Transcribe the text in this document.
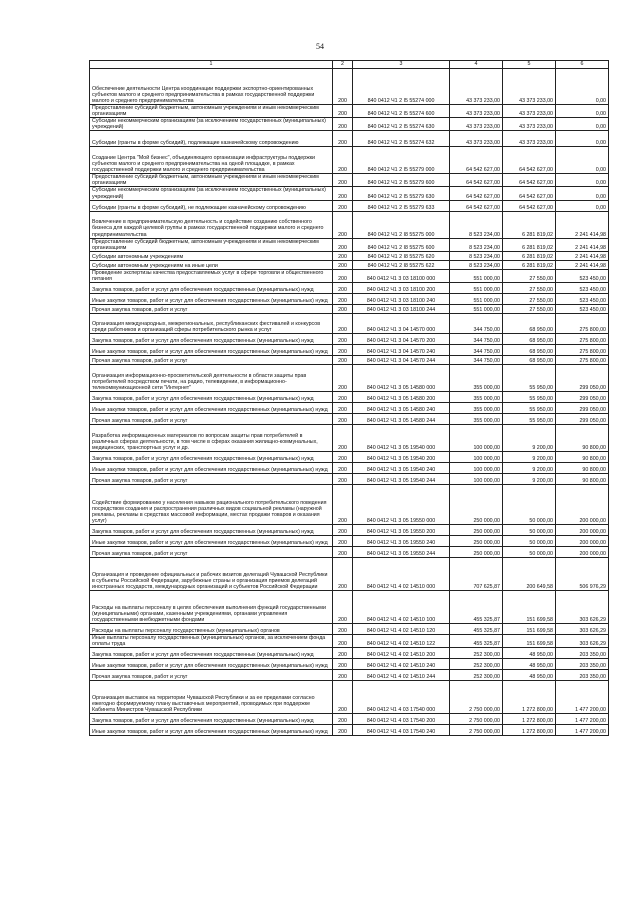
54
1	2	3	4	5	6
Обеспечение деятельности Центра координации поддержки экспортно-ориентированных субъектов малого и среднего предпринимательства в рамках государственной поддержки малого и среднего предпринимательства	200	840 0412 Ч1 2 I5 55274 000	43 373 233,00	43 373 233,00	0,00
Предоставление субсидий бюджетным, автономным учреждениям и иным некоммерческим организациям	200	840 0412 Ч1 2 I5 55274 600	43 373 233,00	43 373 233,00	0,00
Субсидии некоммерческим организациям (за исключением государственных (муниципальных) учреждений)	200	840 0412 Ч1 2 I5 55274 630	43 373 233,00	43 373 233,00	0,00
Субсидии (гранты в форме субсидий), подлежащие казначейскому сопровождению	200	840 0412 Ч1 2 I5 55274 632	43 373 233,00	43 373 233,00	0,00
Создание Центра "Мой бизнес", объединяющего организации инфраструктуры поддержки субъектов малого и среднего предпринимательства на одной площадке, в рамках государственной поддержки малого и среднего предпринимательства	200	840 0412 Ч1 2 I5 55279 000	64 542 627,00	64 542 627,00	0,00
Предоставление субсидий бюджетным, автономным учреждениям и иным некоммерческим организациям	200	840 0412 Ч1 2 I5 55279 600	64 542 627,00	64 542 627,00	0,00
Субсидии некоммерческим организациям (за исключением государственных (муниципальных) учреждений)	200	840 0412 Ч1 2 I5 55279 630	64 542 627,00	64 542 627,00	0,00
Субсидии (гранты в форме субсидий), не подлежащие казначейскому сопровождению	200	840 0412 Ч1 2 I5 55279 633	64 542 627,00	64 542 627,00	0,00
Вовлечение в предпринимательскую деятельность и содействие созданию собственного бизнеса для каждой целевой группы в рамках государственной поддержки малого и среднего предпринимательства	200	840 0412 Ч1 2 I8 55275 000	8 523 234,00	6 281 819,02	2 241 414,98
Предоставление субсидий бюджетным, автономным учреждениям и иным некоммерческим организациям	200	840 0412 Ч1 2 I8 55275 600	8 523 234,00	6 281 819,02	2 241 414,98
Субсидии автономным учреждениям	200	840 0412 Ч1 2 I8 55275 620	8 523 234,00	6 281 819,02	2 241 414,98
Субсидии автономным учреждениям на иные цели	200	840 0412 Ч1 2 I8 55275 622	8 523 234,00	6 281 819,02	2 241 414,98
Проведение экспертизы качества предоставляемых услуг в сфере торговли и общественного питания	200	840 0412 Ч1 3 03 18100 000	551 000,00	27 550,00	523 450,00
Закупка товаров, работ и услуг для обеспечения государственных (муниципальных) нужд	200	840 0412 Ч1 3 03 18100 200	551 000,00	27 550,00	523 450,00
Иные закупки товаров, работ и услуг для обеспечения государственных (муниципальных) нужд	200	840 0412 Ч1 3 03 18100 240	551 000,00	27 550,00	523 450,00
Прочая закупка товаров, работ и услуг	200	840 0412 Ч1 3 03 18100 244	551 000,00	27 550,00	523 450,00
Организация международных, межрегиональных, республиканских фестивалей и конкурсов среди работников и организаций сферы потребительского рынка и услуг	200	840 0412 Ч1 3 04 14570 000	344 750,00	68 950,00	275 800,00
Закупка товаров, работ и услуг для обеспечения государственных (муниципальных) нужд	200	840 0412 Ч1 3 04 14570 200	344 750,00	68 950,00	275 800,00
Иные закупки товаров, работ и услуг для обеспечения государственных (муниципальных) нужд	200	840 0412 Ч1 3 04 14570 240	344 750,00	68 950,00	275 800,00
Прочая закупка товаров, работ и услуг	200	840 0412 Ч1 3 04 14570 244	344 750,00	68 950,00	275 800,00
Организация информационно-просветительской деятельности в области защиты прав потребителей посредством печати, на радио, телевидении, в информационно-телекоммуникационной сети "Интернет"	200	840 0412 Ч1 3 05 14580 000	355 000,00	55 950,00	299 050,00
Закупка товаров, работ и услуг для обеспечения государственных (муниципальных) нужд	200	840 0412 Ч1 3 05 14580 200	355 000,00	55 950,00	299 050,00
Иные закупки товаров, работ и услуг для обеспечения государственных (муниципальных) нужд	200	840 0412 Ч1 3 05 14580 240	355 000,00	55 950,00	299 050,00
Прочая закупка товаров, работ и услуг	200	840 0412 Ч1 3 05 14580 244	355 000,00	55 950,00	299 050,00
Разработка информационных материалов по вопросам защиты прав потребителей в различных сферах деятельности, в том числе в сферах оказания жилищно-коммунальных, медицинских, транспортных услуг и др.	200	840 0412 Ч1 3 05 19540 000	100 000,00	9 200,00	90 800,00
Закупка товаров, работ и услуг для обеспечения государственных (муниципальных) нужд	200	840 0412 Ч1 3 05 19540 200	100 000,00	9 200,00	90 800,00
Иные закупки товаров, работ и услуг для обеспечения государственных (муниципальных) нужд	200	840 0412 Ч1 3 05 19540 240	100 000,00	9 200,00	90 800,00
Прочая закупка товаров, работ и услуг	200	840 0412 Ч1 3 05 19540 244	100 000,00	9 200,00	90 800,00
Содействие формированию у населения навыков рационального потребительского поведения посредством создания и распространения различных видов социальной рекламы (наружной рекламы, рекламы в средствах массовой информации, местах продажи товаров и оказания услуг)	200	840 0412 Ч1 3 05 19550 000	250 000,00	50 000,00	200 000,00
Закупка товаров, работ и услуг для обеспечения государственных (муниципальных) нужд	200	840 0412 Ч1 3 05 19550 200	250 000,00	50 000,00	200 000,00
Иные закупки товаров, работ и услуг для обеспечения государственных (муниципальных) нужд	200	840 0412 Ч1 3 05 19550 240	250 000,00	50 000,00	200 000,00
Прочая закупка товаров, работ и услуг	200	840 0412 Ч1 3 05 19550 244	250 000,00	50 000,00	200 000,00
Организация и проведение официальных и рабочих визитов делегаций Чувашской Республики в субъекты Российской Федерации, зарубежные страны и организация приемов делегаций иностранных государств, международных организаций и субъектов Российской Федерации	200	840 0412 Ч1 4 02 14510 000	707 625,87	200 649,58	506 976,29
Расходы на выплаты персоналу в целях обеспечения выполнения функций государственными (муниципальными) органами, казенными учреждениями, органами управления государственными внебюджетными фондами	200	840 0412 Ч1 4 02 14510 100	455 325,87	151 699,58	303 626,29
Расходы на выплаты персоналу государственных (муниципальных) органов	200	840 0412 Ч1 4 02 14510 120	455 325,87	151 699,58	303 626,29
Иные выплаты персоналу государственных (муниципальных) органов, за исключением фонда оплаты труда	200	840 0412 Ч1 4 02 14510 122	455 325,87	151 699,58	303 626,29
Закупка товаров, работ и услуг для обеспечения государственных (муниципальных) нужд	200	840 0412 Ч1 4 02 14510 200	252 300,00	48 950,00	203 350,00
Иные закупки товаров, работ и услуг для обеспечения государственных (муниципальных) нужд	200	840 0412 Ч1 4 02 14510 240	252 300,00	48 950,00	203 350,00
Прочая закупка товаров, работ и услуг	200	840 0412 Ч1 4 02 14510 244	252 300,00	48 950,00	203 350,00
Организация выставок на территории Чувашской Республики и за ее пределами согласно ежегодно формируемому плану выставочных мероприятий, проводимых при поддержке Кабинета Министров Чувашской Республики	200	840 0412 Ч1 4 03 17540 000	2 750 000,00	1 272 800,00	1 477 200,00
Закупка товаров, работ и услуг для обеспечения государственных (муниципальных) нужд	200	840 0412 Ч1 4 03 17540 200	2 750 000,00	1 272 800,00	1 477 200,00
Иные закупки товаров, работ и услуг для обеспечения государственных (муниципальных) нужд	200	840 0412 Ч1 4 03 17540 240	2 750 000,00	1 272 800,00	1 477 200,00
